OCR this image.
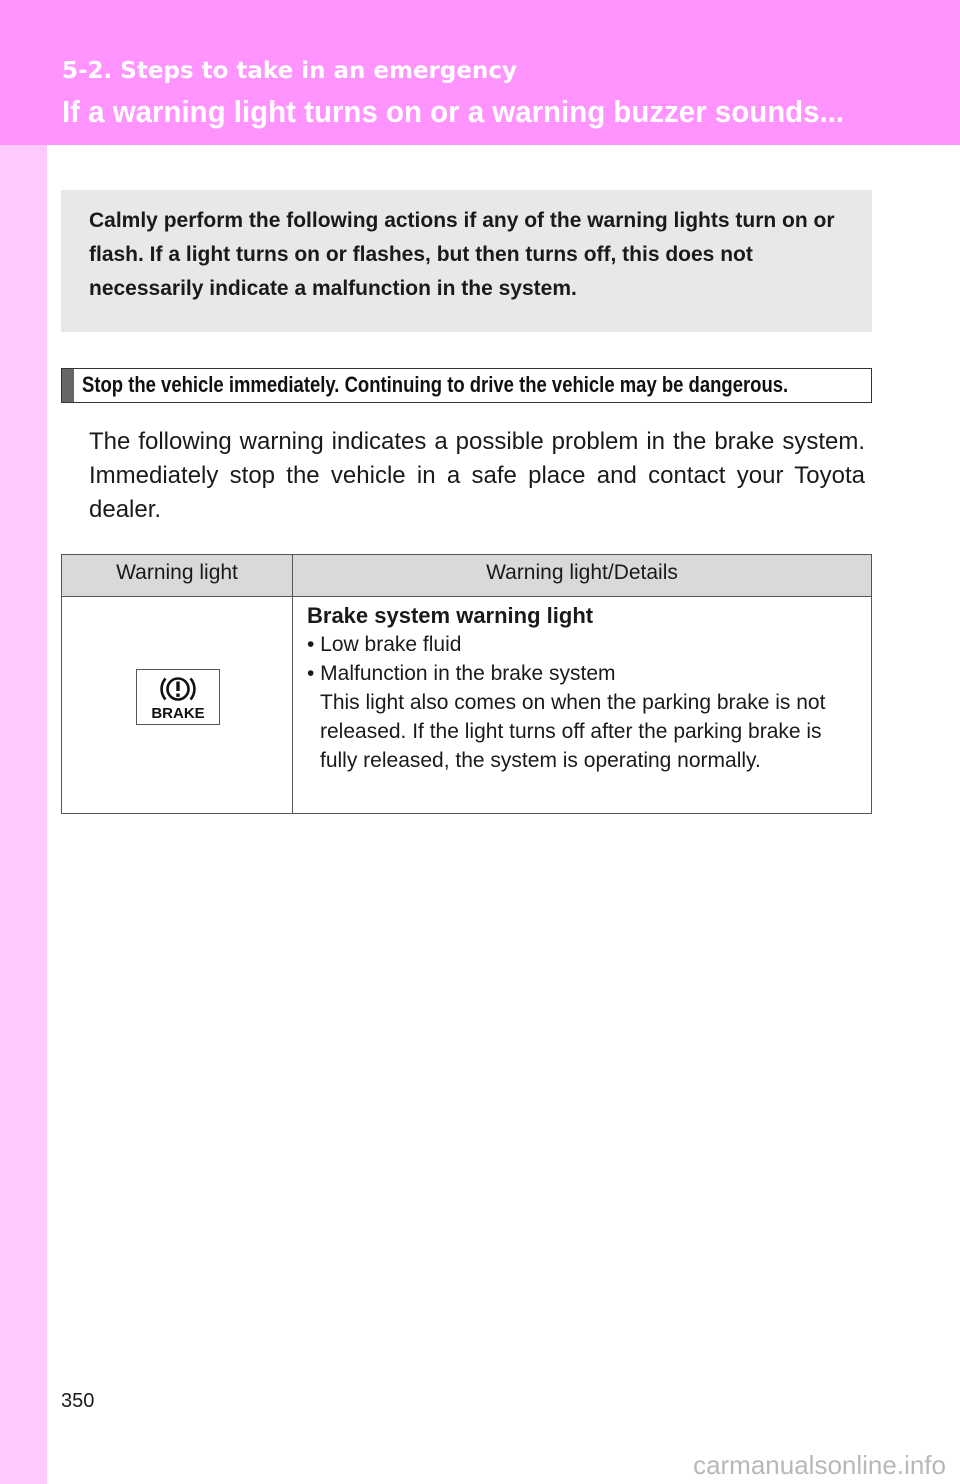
5-2. Steps to take in an emergency
If a warning light turns on or a warning buzzer sounds...
Calmly perform the following actions if any of the warning lights turn on or flash. If a light turns on or flashes, but then turns off, this does not necessarily indicate a malfunction in the system.
Stop the vehicle immediately. Continuing to drive the vehicle may be dangerous.
The following warning indicates a possible problem in the brake system. Immediately stop the vehicle in a safe place and contact your Toyota dealer.
Warning light	Warning light/Details

BRAKE	Brake system warning light
• Low brake fluid
• Malfunction in the brake system
This light also comes on when the parking brake is not released. If the light turns off after the parking brake is fully released, the system is operating normally.
350
carmanualsonline.info
